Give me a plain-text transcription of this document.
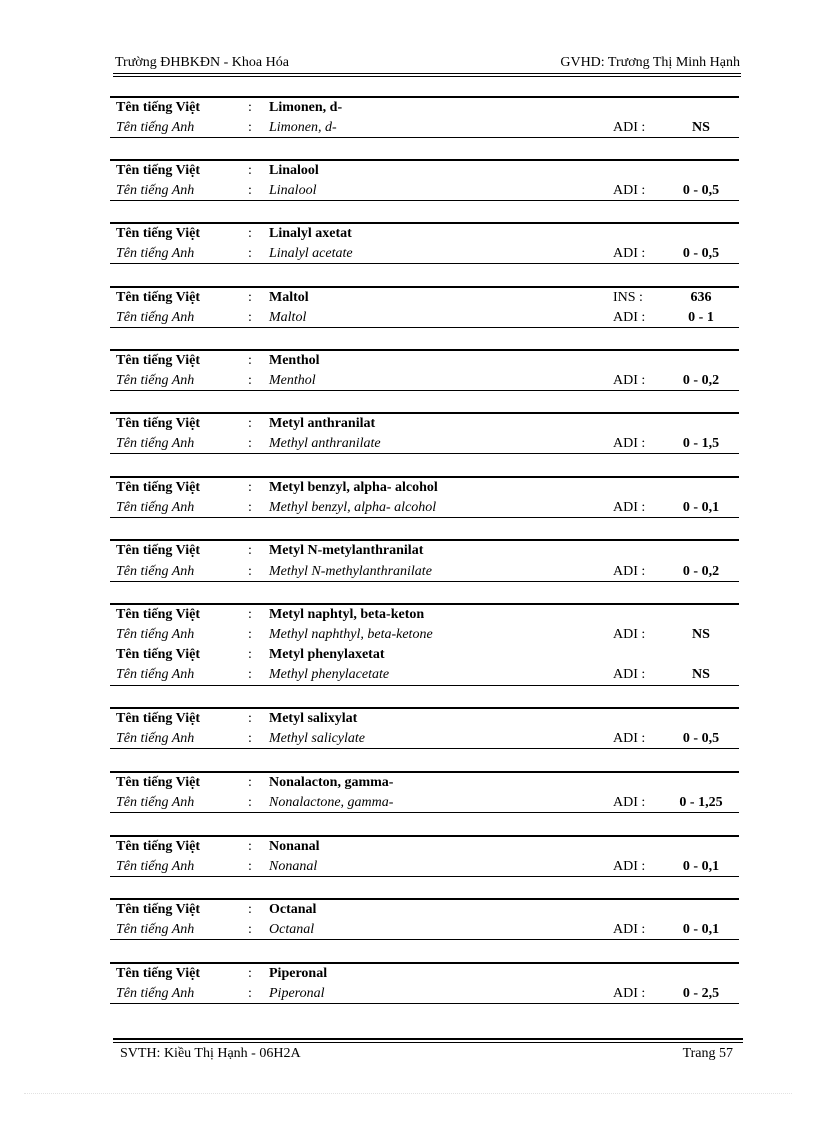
Trường ĐHBKĐN - Khoa Hóa	GVHD: Trương Thị Minh Hạnh
Tên tiếng Việt	: Limonen, d-
Tên tiếng Anh	: Limonen, d-	ADI :	NS
Tên tiếng Việt	: Linalool
Tên tiếng Anh	: Linalool	ADI :	0 - 0,5
Tên tiếng Việt	: Linalyl axetat
Tên tiếng Anh	: Linalyl acetate	ADI :	0 - 0,5
Tên tiếng Việt	: Maltol	INS :	636
Tên tiếng Anh	: Maltol	ADI :	0 - 1
Tên tiếng Việt	: Menthol
Tên tiếng Anh	: Menthol	ADI :	0 - 0,2
Tên tiếng Việt	: Metyl anthranilat
Tên tiếng Anh	: Methyl anthranilate	ADI :	0 - 1,5
Tên tiếng Việt	: Metyl benzyl, alpha- alcohol
Tên tiếng Anh	: Methyl benzyl, alpha- alcohol	ADI :	0 - 0,1
Tên tiếng Việt	: Metyl N-metylanthranilat
Tên tiếng Anh	: Methyl N-methylanthranilate	ADI :	0 - 0,2
Tên tiếng Việt	: Metyl naphtyl, beta-keton
Tên tiếng Anh	: Methyl naphthyl, beta-ketone	ADI :	NS
Tên tiếng Việt	: Metyl phenylaxetat
Tên tiếng Anh	: Methyl phenylacetate	ADI :	NS
Tên tiếng Việt	: Metyl salixylat
Tên tiếng Anh	: Methyl salicylate	ADI :	0 - 0,5
Tên tiếng Việt	: Nonalacton, gamma-
Tên tiếng Anh	: Nonalactone, gamma-	ADI :	0 - 1,25
Tên tiếng Việt	: Nonanal
Tên tiếng Anh	: Nonanal	ADI :	0 - 0,1
Tên tiếng Việt	: Octanal
Tên tiếng Anh	: Octanal	ADI :	0 - 0,1
Tên tiếng Việt	: Piperonal
Tên tiếng Anh	: Piperonal	ADI :	0 - 2,5
SVTH: Kiều Thị Hạnh - 06H2A	Trang 57
